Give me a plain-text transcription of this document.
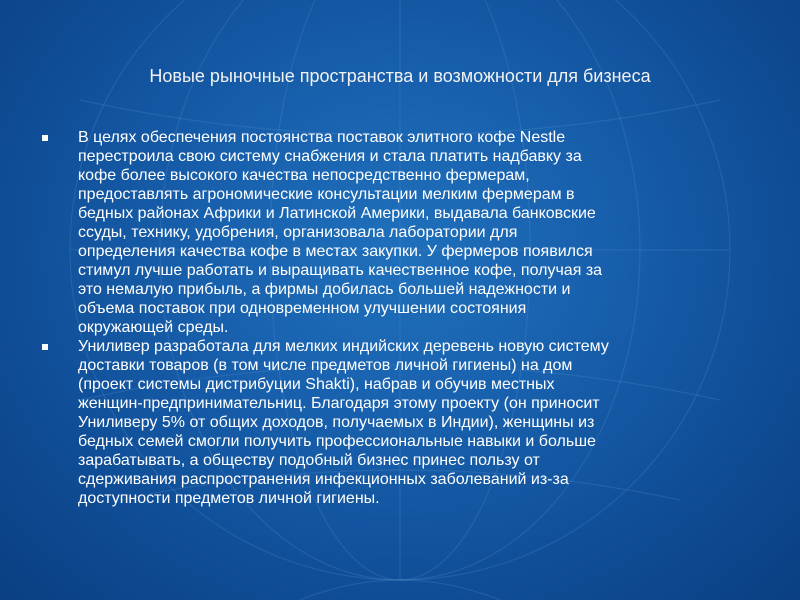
Новые рыночные пространства и возможности для бизнеса
В целях обеспечения постоянства поставок элитного кофе Nestle
перестроила свою систему снабжения и стала платить надбавку за
кофе более высокого качества непосредственно фермерам,
предоставлять агрономические консультации мелким фермерам в
бедных районах Африки и Латинской Америки, выдавала банковские
ссуды, технику, удобрения, организовала лаборатории для
определения качества кофе в местах закупки. У фермеров появился
стимул лучше работать и выращивать качественное кофе, получая за
это немалую прибыль, а фирмы добилась большей надежности и
объема поставок при одновременном улучшении состояния
окружающей среды.
Униливер разработала для мелких индийских деревень новую систему
доставки товаров (в том числе предметов личной гигиены) на дом
(проект системы дистрибуции Shakti), набрав и обучив местных
женщин-предпринимательниц. Благодаря этому проекту (он приносит
Униливеру 5% от общих доходов, получаемых в Индии), женщины из
бедных семей смогли получить профессиональные навыки и больше
зарабатывать, а обществу подобный бизнес принес пользу от
сдерживания распространения инфекционных заболеваний из-за
доступности предметов личной гигиены.
